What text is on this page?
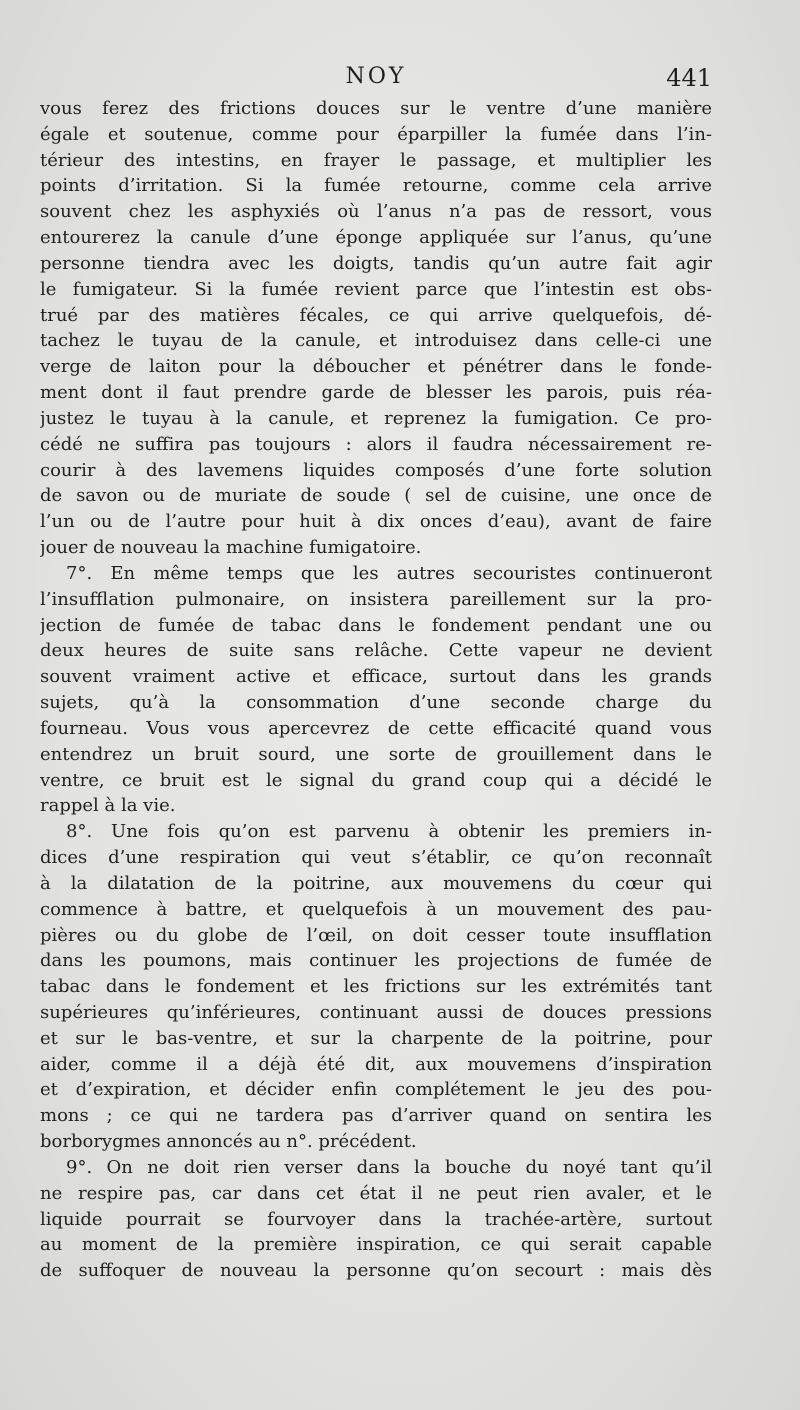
NOY	441
vous ferez des frictions douces sur le ventre d’une manière
égale et soutenue, comme pour éparpiller la fumée dans l’in-
térieur des intestins, en frayer le passage, et multiplier les
points d’irritation. Si la fumée retourne, comme cela arrive
souvent chez les asphyxiés où l’anus n’a pas de ressort, vous
entourerez la canule d’une éponge appliquée sur l’anus, qu’une
personne tiendra avec les doigts, tandis qu’un autre fait agir
le fumigateur. Si la fumée revient parce que l’intestin est obs-
trué par des matières fécales, ce qui arrive quelquefois, dé-
tachez le tuyau de la canule, et introduisez dans celle-ci une
verge de laiton pour la déboucher et pénétrer dans le fonde-
ment dont il faut prendre garde de blesser les parois, puis réa-
justez le tuyau à la canule, et reprenez la fumigation. Ce pro-
cédé ne suffira pas toujours : alors il faudra nécessairement re-
courir à des lavemens liquides composés d’une forte solution
de savon ou de muriate de soude ( sel de cuisine, une once de
l’un ou de l’autre pour huit à dix onces d’eau), avant de faire
jouer de nouveau la machine fumigatoire.
7°. En même temps que les autres secouristes continueront
l’insufflation pulmonaire, on insistera pareillement sur la pro-
jection de fumée de tabac dans le fondement pendant une ou
deux heures de suite sans relâche. Cette vapeur ne devient
souvent vraiment active et efficace, surtout dans les grands
sujets, qu’à la consommation d’une seconde charge du
fourneau. Vous vous apercevrez de cette efficacité quand vous
entendrez un bruit sourd, une sorte de grouillement dans le
ventre, ce bruit est le signal du grand coup qui a décidé le
rappel à la vie.
8°. Une fois qu’on est parvenu à obtenir les premiers in-
dices d’une respiration qui veut s’établir, ce qu’on reconnaît
à la dilatation de la poitrine, aux mouvemens du cœur qui
commence à battre, et quelquefois à un mouvement des pau-
pières ou du globe de l’œil, on doit cesser toute insufflation
dans les poumons, mais continuer les projections de fumée de
tabac dans le fondement et les frictions sur les extrémités tant
supérieures qu’inférieures, continuant aussi de douces pressions
et sur le bas-ventre, et sur la charpente de la poitrine, pour
aider, comme il a déjà été dit, aux mouvemens d’inspiration
et d’expiration, et décider enfin complétement le jeu des pou-
mons ; ce qui ne tardera pas d’arriver quand on sentira les
borborygmes annoncés au n°. précédent.
9°. On ne doit rien verser dans la bouche du noyé tant qu’il
ne respire pas, car dans cet état il ne peut rien avaler, et le
liquide pourrait se fourvoyer dans la trachée-artère, surtout
au moment de la première inspiration, ce qui serait capable
de suffoquer de nouveau la personne qu’on secourt : mais dès
